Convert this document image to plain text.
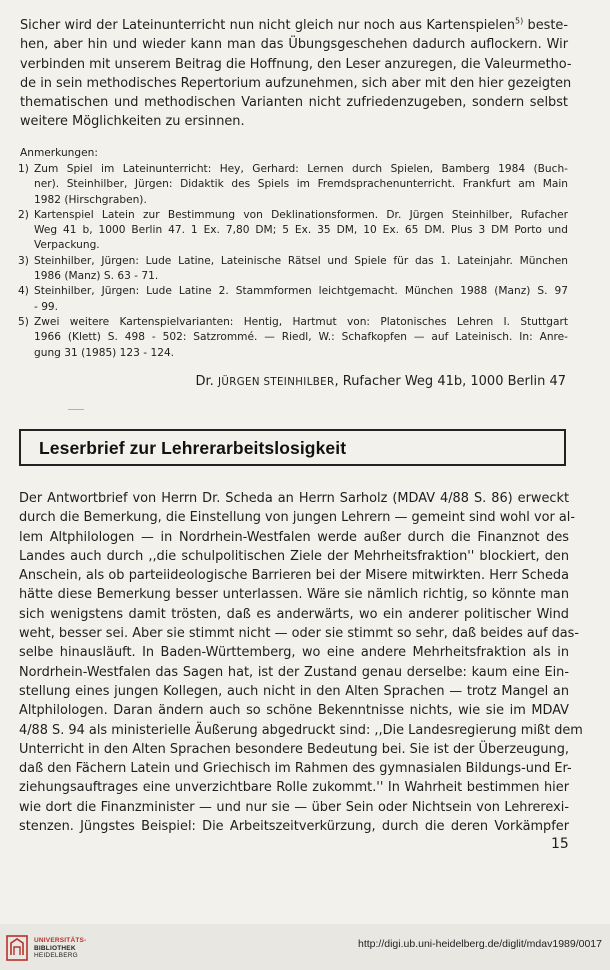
Sicher wird der Lateinunterricht nun nicht gleich nur noch aus Kartenspielen$^{5)}$ beste-
hen, aber hin und wieder kann man das Übungsgeschehen dadurch auflockern. Wir
verbinden mit unserem Beitrag die Hoffnung, den Leser anzuregen, die Valeurmetho-
de in sein methodisches Repertorium aufzunehmen, sich aber mit den hier gezeigten
thematischen und methodischen Varianten nicht zufriedenzugeben, sondern selbst
weitere Möglichkeiten zu ersinnen.
Anmerkungen:
1) Zum Spiel im Lateinunterricht: Hey, Gerhard: Lernen durch Spielen, Bamberg 1984 (Buch-
ner). Steinhilber, Jürgen: Didaktik des Spiels im Fremdsprachenunterricht. Frankfurt am Main
1982 (Hirschgraben).
2) Kartenspiel Latein zur Bestimmung von Deklinationsformen. Dr. Jürgen Steinhilber, Rufacher
Weg 41 b, 1000 Berlin 47. 1 Ex. 7,80 DM; 5 Ex. 35 DM, 10 Ex. 65 DM. Plus 3 DM Porto und
Verpackung.
3) Steinhilber, Jürgen: Lude Latine, Lateinische Rätsel und Spiele für das 1. Lateinjahr. München
1986 (Manz) S. 63 - 71.
4) Steinhilber, Jürgen: Lude Latine 2. Stammformen leichtgemacht. München 1988 (Manz) S. 97
- 99.
5) Zwei weitere Kartenspielvarianten: Hentig, Hartmut von: Platonisches Lehren I. Stuttgart
1966 (Klett) S. 498 - 502: Satzrommé. — Riedl, W.: Schafkopfen — auf Lateinisch. In: Anre-
gung 31 (1985) 123 - 124.
Dr. JÜRGEN STEINHILBER, Rufacher Weg 41b, 1000 Berlin 47
Leserbrief zur Lehrerarbeitslosigkeit
Der Antwortbrief von Herrn Dr. Scheda an Herrn Sarholz (MDAV 4/88 S. 86) erweckt
durch die Bemerkung, die Einstellung von jungen Lehrern — gemeint sind wohl vor al-
lem Altphilologen — in Nordrhein-Westfalen werde außer durch die Finanznot des
Landes auch durch ,,die schulpolitischen Ziele der Mehrheitsfraktion'' blockiert, den
Anschein, als ob parteiideologische Barrieren bei der Misere mitwirkten. Herr Scheda
hätte diese Bemerkung besser unterlassen. Wäre sie nämlich richtig, so könnte man
sich wenigstens damit trösten, daß es anderwärts, wo ein anderer politischer Wind
weht, besser sei. Aber sie stimmt nicht — oder sie stimmt so sehr, daß beides auf das-
selbe hinausläuft. In Baden-Württemberg, wo eine andere Mehrheitsfraktion als in
Nordrhein-Westfalen das Sagen hat, ist der Zustand genau derselbe: kaum eine Ein-
stellung eines jungen Kollegen, auch nicht in den Alten Sprachen — trotz Mangel an
Altphilologen. Daran ändern auch so schöne Bekenntnisse nichts, wie sie im MDAV
4/88 S. 94 als ministerielle Äußerung abgedruckt sind: ,,Die Landesregierung mißt dem
Unterricht in den Alten Sprachen besondere Bedeutung bei. Sie ist der Überzeugung,
daß den Fächern Latein und Griechisch im Rahmen des gymnasialen Bildungs-und Er-
ziehungsauftrages eine unverzichtbare Rolle zukommt.'' In Wahrheit bestimmen hier
wie dort die Finanzminister — und nur sie — über Sein oder Nichtsein von Lehrerexi-
stenzen. Jüngstes Beispiel: Die Arbeitszeitverkürzung, durch die deren Vorkämpfer
15
UNIVERSITÄTS-
BIBLIOTHEK
HEIDELBERG
http://digi.ub.uni-heidelberg.de/diglit/mdav1989/0017
